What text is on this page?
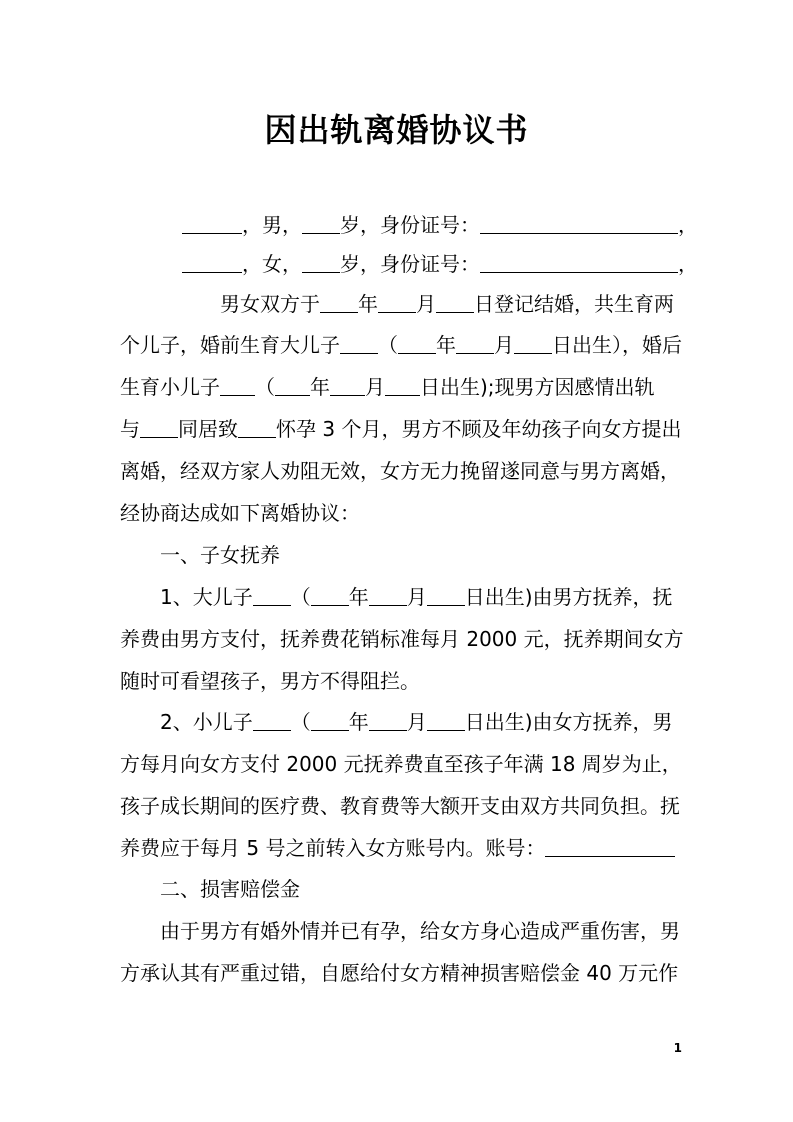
因出轨离婚协议书
，男， 岁，身份证号：	，
，女， 岁，身份证号：	，
男女双方于 年 月 日登记结婚，共生育两
个儿子，婚前生育大儿子 （ 年 月 日出生），婚后
生育小儿子 （ 年 月 日出生);现男方因感情出轨
与 同居致 怀孕 3 个月，男方不顾及年幼孩子向女方提出
离婚，经双方家人劝阻无效，女方无力挽留遂同意与男方离婚，
经协商达成如下离婚协议：
一、子女抚养
1、大儿子 （ 年 月 日出生)由男方抚养，抚
养费由男方支付，抚养费花销标准每月 2000 元，抚养期间女方
随时可看望孩子，男方不得阻拦。
2、小儿子 （ 年 月 日出生)由女方抚养，男
方每月向女方支付 2000 元抚养费直至孩子年满 18 周岁为止，
孩子成长期间的医疗费、教育费等大额开支由双方共同负担。抚
养费应于每月 5 号之前转入女方账号内。账号：
二、损害赔偿金
由于男方有婚外情并已有孕，给女方身心造成严重伤害，男
方承认其有严重过错，自愿给付女方精神损害赔偿金 40 万元作
1
